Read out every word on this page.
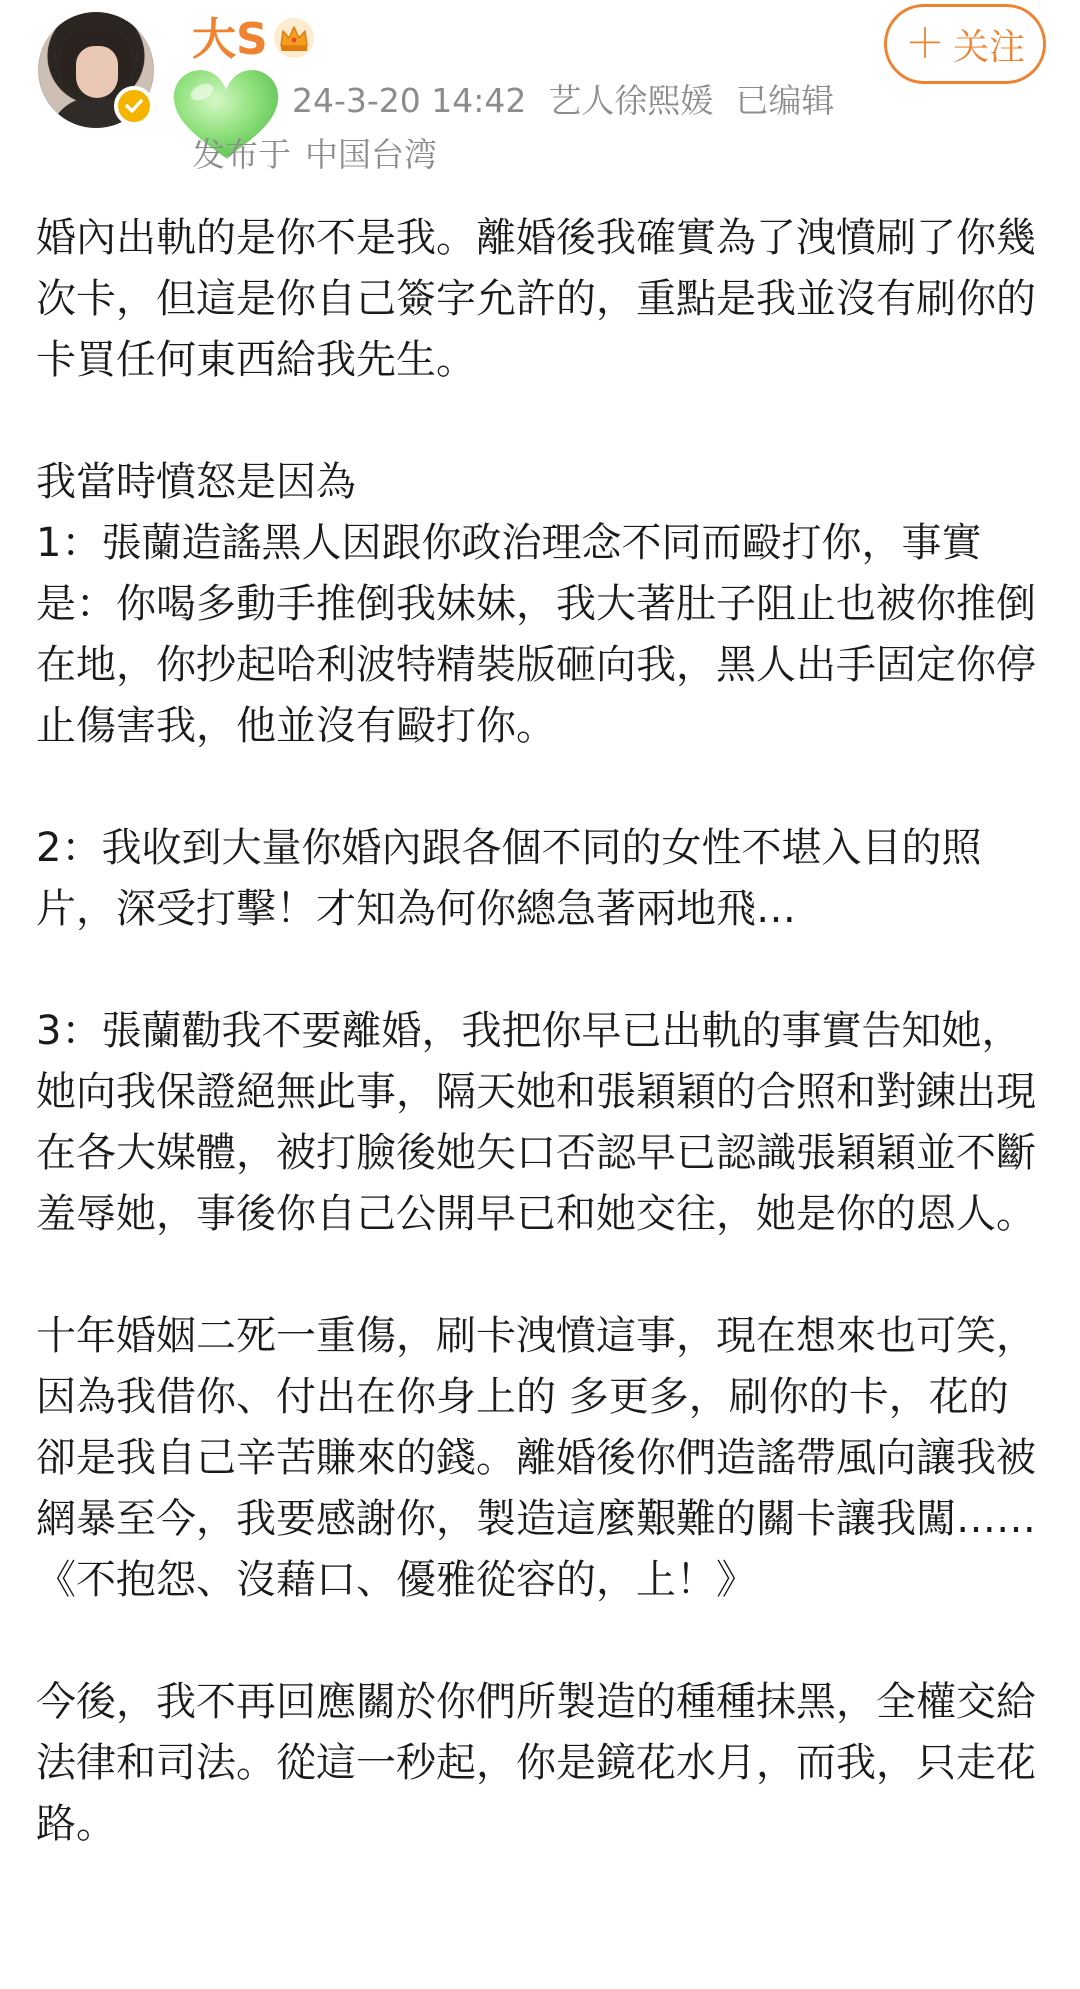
大S
24-3-20 14:42 艺人徐熙媛 已编辑
发布于 中国台湾
＋ 关注

婚內出軌的是你不是我。離婚後我確實為了洩憤刷了你幾次卡，但這是你自己簽字允許的，重點是我並沒有刷你的卡買任何東西給我先生。

我當時憤怒是因為
1：張蘭造謠黑人因跟你政治理念不同而毆打你，事實是：你喝多動手推倒我妹妹，我大著肚子阻止也被你推倒在地，你抄起哈利波特精裝版砸向我，黑人出手固定你停止傷害我，他並沒有毆打你。

2：我收到大量你婚內跟各個不同的女性不堪入目的照片，深受打擊！才知為何你總急著兩地飛…

3：張蘭勸我不要離婚，我把你早已出軌的事實告知她，她向我保證絕無此事，隔天她和張穎穎的合照和對錬出現在各大媒體，被打臉後她矢口否認早已認識張穎穎並不斷羞辱她，事後你自己公開早已和她交往，她是你的恩人。

十年婚姻二死一重傷，刷卡洩憤這事，現在想來也可笑，因為我借你、付出在你身上的 多更多，刷你的卡，花的卻是我自己辛苦賺來的錢。離婚後你們造謠帶風向讓我被網暴至今，我要感謝你，製造這麼艱難的關卡讓我闖……《不抱怨、沒藉口、優雅從容的，上！》

今後，我不再回應關於你們所製造的種種抹黑，全權交給法律和司法。從這一秒起，你是鏡花水月，而我，只走花路。
